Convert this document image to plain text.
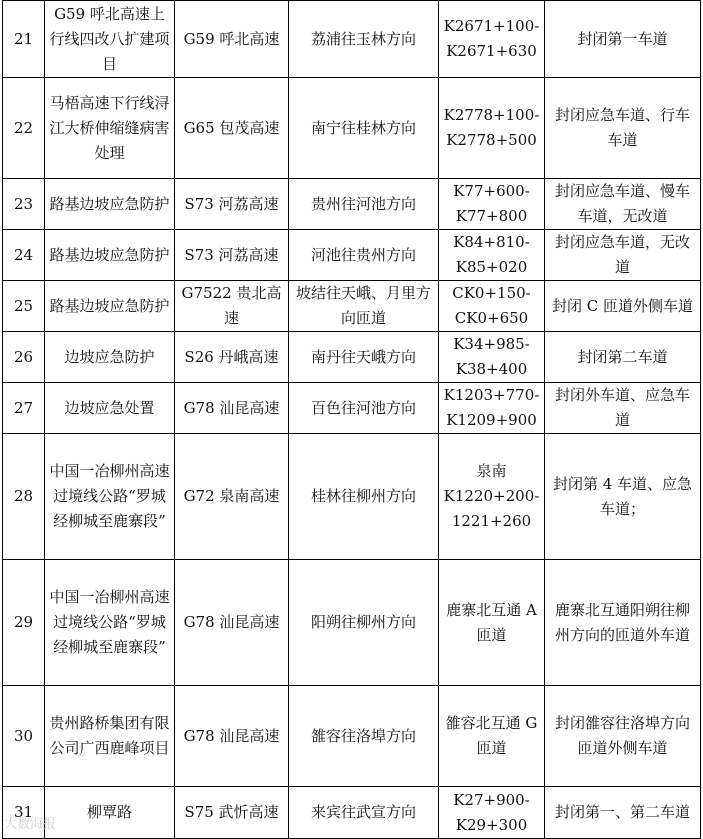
21	G59 呼北高速上行线四改八扩建项目	G59 呼北高速	荔浦往玉林方向	K2671+100-K2671+630	封闭第一车道
22	马梧高速下行线浔江大桥伸缩缝病害处理	G65 包茂高速	南宁往桂林方向	K2778+100-K2778+500	封闭应急车道、行车车道
23	路基边坡应急防护	S73 河荔高速	贵州往河池方向	K77+600-K77+800	封闭应急车道、慢车车道，无改道
24	路基边坡应急防护	S73 河荔高速	河池往贵州方向	K84+810-K85+020	封闭应急车道，无改道
25	路基边坡应急防护	G7522 贵北高速	坡结往天峨、月里方向匝道	CK0+150-CK0+650	封闭 C 匝道外侧车道
26	边坡应急防护	S26 丹峨高速	南丹往天峨方向	K34+985-K38+400	封闭第二车道
27	边坡应急处置	G78 汕昆高速	百色往河池方向	K1203+770-K1209+900	封闭外车道、应急车道
28	中国一冶柳州高速过境线公路“罗城经柳城至鹿寨段”	G72 泉南高速	桂林往柳州方向	泉南 K1220+200-1221+260	封闭第 4 车道、应急车道；
29	中国一冶柳州高速过境线公路“罗城经柳城至鹿寨段”	G78 汕昆高速	阳朔往柳州方向	鹿寨北互通 A 匝道	鹿寨北互通阳朔往柳州方向的匝道外车道
30	贵州路桥集团有限公司广西鹿峰项目	G78 汕昆高速	雒容往洛埠方向	雒容北互通 G 匝道	封闭雒容往洛埠方向匝道外侧车道
31	柳覃路	S75 武忻高速	来宾往武宣方向	K27+900-K29+300	封闭第一、第二车道
大数海报
